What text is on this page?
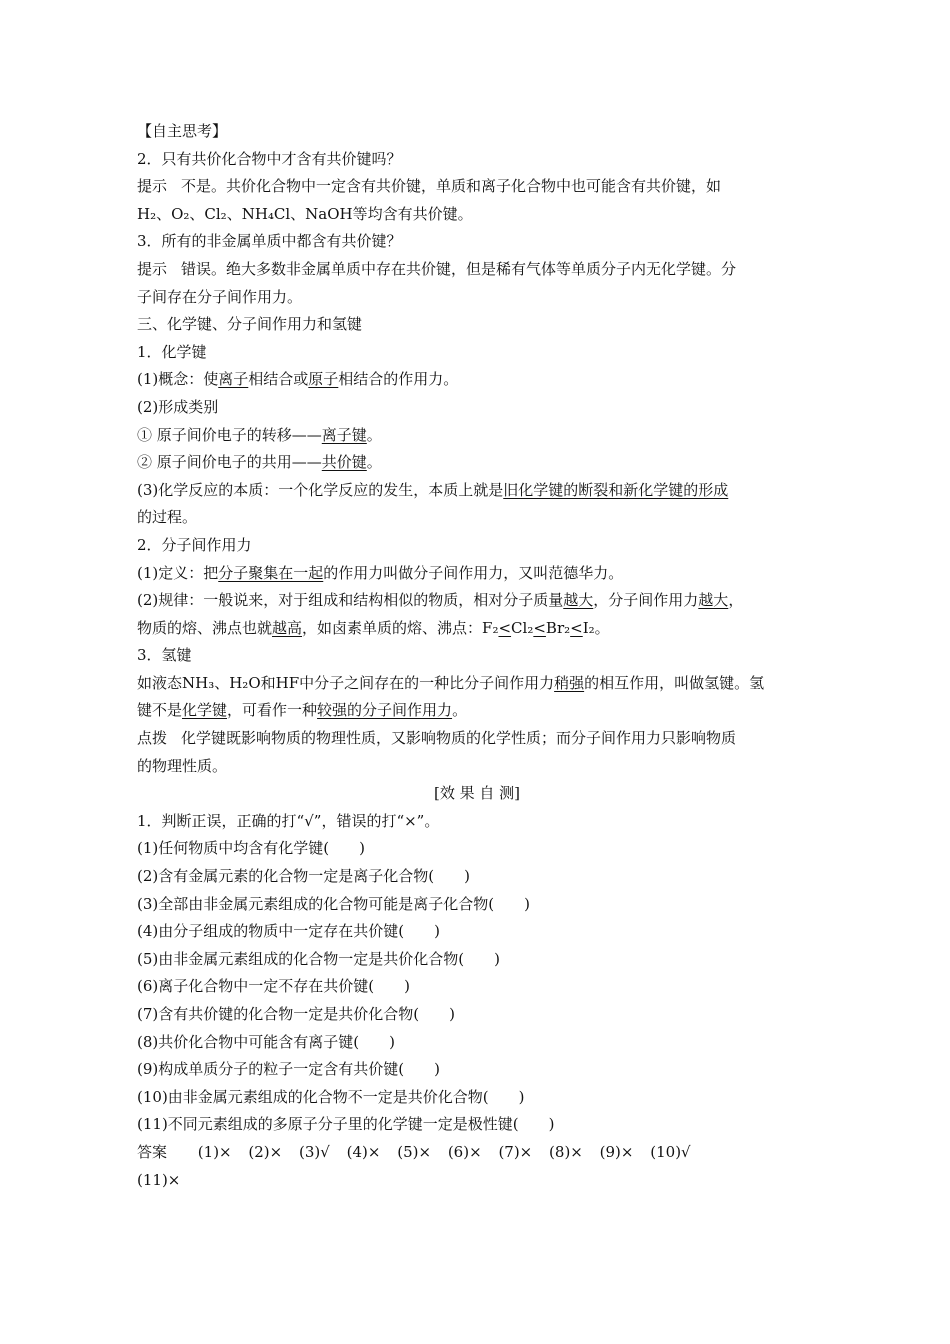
【自主思考】
2．只有共价化合物中才含有共价键吗？
提示 不是。共价化合物中一定含有共价键，单质和离子化合物中也可能含有共价键，如
H₂、O₂、Cl₂、NH₄Cl、NaOH等均含有共价键。
3．所有的非金属单质中都含有共价键？
提示 错误。绝大多数非金属单质中存在共价键，但是稀有气体等单质分子内无化学键。分
子间存在分子间作用力。
三、化学键、分子间作用力和氢键
1．化学键
(1)概念：使离子相结合或原子相结合的作用力。
(2)形成类别
① 原子间价电子的转移——离子键。
② 原子间价电子的共用——共价键。
(3)化学反应的本质：一个化学反应的发生，本质上就是旧化学键的断裂和新化学键的形成
的过程。
2．分子间作用力
(1)定义：把分子聚集在一起的作用力叫做分子间作用力，又叫范德华力。
(2)规律：一般说来，对于组成和结构相似的物质，相对分子质量越大，分子间作用力越大，
物质的熔、沸点也就越高，如卤素单质的熔、沸点：F₂<Cl₂<Br₂<I₂。
3．氢键
如液态NH₃、H₂O和HF中分子之间存在的一种比分子间作用力稍强的相互作用，叫做氢键。氢
键不是化学键，可看作一种较强的分子间作用力。
点拨 化学键既影响物质的物理性质，又影响物质的化学性质；而分子间作用力只影响物质
的物理性质。
[效 果 自 测]
1．判断正误，正确的打“√”，错误的打“×”。
(1)任何物质中均含有化学键(　　)
(2)含有金属元素的化合物一定是离子化合物(　　)
(3)全部由非金属元素组成的化合物可能是离子化合物(　　)
(4)由分子组成的物质中一定存在共价键(　　)
(5)由非金属元素组成的化合物一定是共价化合物(　　)
(6)离子化合物中一定不存在共价键(　　)
(7)含有共价键的化合物一定是共价化合物(　　)
(8)共价化合物中可能含有离子键(　　)
(9)构成单质分子的粒子一定含有共价键(　　)
(10)由非金属元素组成的化合物不一定是共价化合物(　　)
(11)不同元素组成的多原子分子里的化学键一定是极性键(　　)
答案 (1)× (2)× (3)√ (4)× (5)× (6)× (7)× (8)× (9)× (10)√
(11)×
